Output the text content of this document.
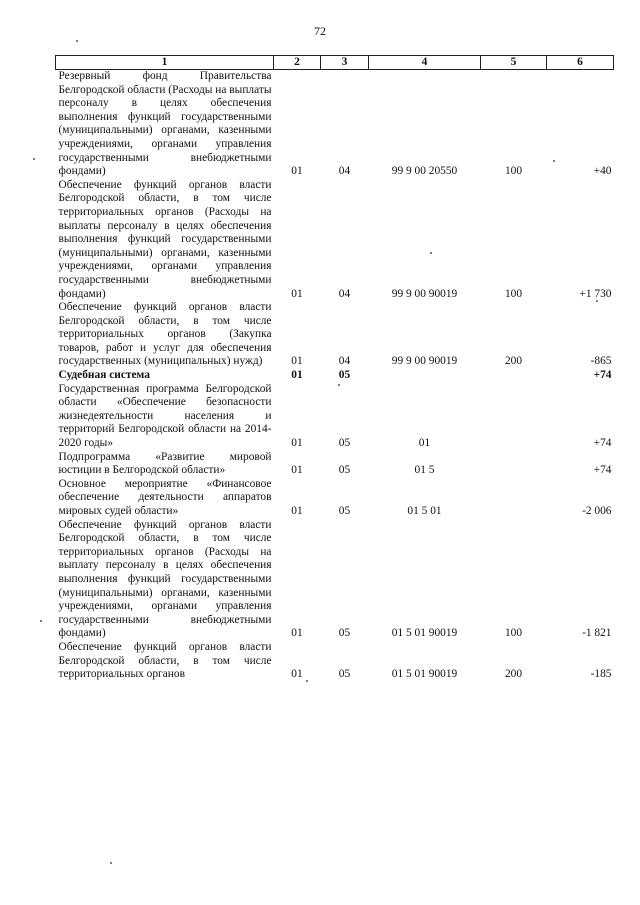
72
1	2	3	4	5	6
Резервный фонд Правительства Белгородской области (Расходы на выплаты персоналу в целях обеспечения выполнения функций государственными (муниципальными) органами, казенными учреждениями, органами управления государственными внебюджетными фондами)	01	04	99 9 00 20550	100	+40
Обеспечение функций органов власти Белгородской области, в том числе территориальных органов (Расходы на выплаты персоналу в целях обеспечения выполнения функций государственными (муниципальными) органами, казенными учреждениями, органами управления государственными внебюджетными фондами)	01	04	99 9 00 90019	100	+1 730
Обеспечение функций органов власти Белгородской области, в том числе территориальных органов (Закупка товаров, работ и услуг для обеспечения государственных (муниципальных) нужд)	01	04	99 9 00 90019	200	-865
Судебная система	01	05			+74
Государственная программа Белгородской области «Обеспечение безопасности жизнедеятельности населения и территорий Белгородской области на 2014-2020 годы»	01	05	01		+74
Подпрограмма «Развитие мировой юстиции в Белгородской области»	01	05	01 5		+74
Основное мероприятие «Финансовое обеспечение деятельности аппаратов мировых судей области»	01	05	01 5 01		-2 006
Обеспечение функций органов власти Белгородской области, в том числе территориальных органов (Расходы на выплату персоналу в целях обеспечения выполнения функций государственными (муниципальными) органами, казенными учреждениями, органами управления государственными внебюджетными фондами)	01	05	01 5 01 90019	100	-1 821
Обеспечение функций органов власти Белгородской области, в том числе территориальных органов	01	05	01 5 01 90019	200	-185
